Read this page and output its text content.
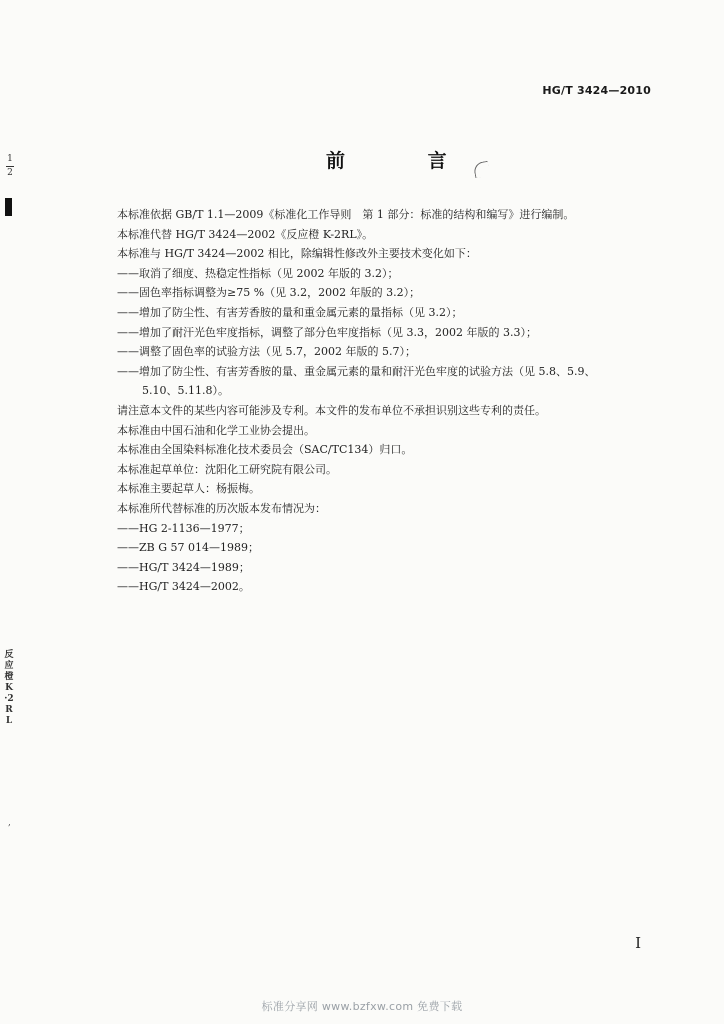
HG/T 3424—2010
前 言
1
2
反应橙K·2RL
,
本标准依据 GB/T 1.1—2009《标准化工作导则　第 1 部分：标准的结构和编写》进行编制。
本标准代替 HG/T 3424—2002《反应橙 K-2RL》。
本标准与 HG/T 3424—2002 相比，除编辑性修改外主要技术变化如下：
——取消了细度、热稳定性指标（见 2002 年版的 3.2）；
——固色率指标调整为≥75 %（见 3.2，2002 年版的 3.2）；
——增加了防尘性、有害芳香胺的量和重金属元素的量指标（见 3.2）；
——增加了耐汗光色牢度指标，调整了部分色牢度指标（见 3.3，2002 年版的 3.3）；
——调整了固色率的试验方法（见 5.7，2002 年版的 5.7）；
——增加了防尘性、有害芳香胺的量、重金属元素的量和耐汗光色牢度的试验方法（见 5.8、5.9、
5.10、5.11.8）。
请注意本文件的某些内容可能涉及专利。本文件的发布单位不承担识别这些专利的责任。
本标准由中国石油和化学工业协会提出。
本标准由全国染料标准化技术委员会（SAC/TC134）归口。
本标准起草单位：沈阳化工研究院有限公司。
本标准主要起草人：杨振梅。
本标准所代替标准的历次版本发布情况为：
——HG 2-1136—1977；
——ZB G 57 014—1989；
——HG/T 3424—1989；
——HG/T 3424—2002。
I
标准分享网 www.bzfxw.com 免费下载
